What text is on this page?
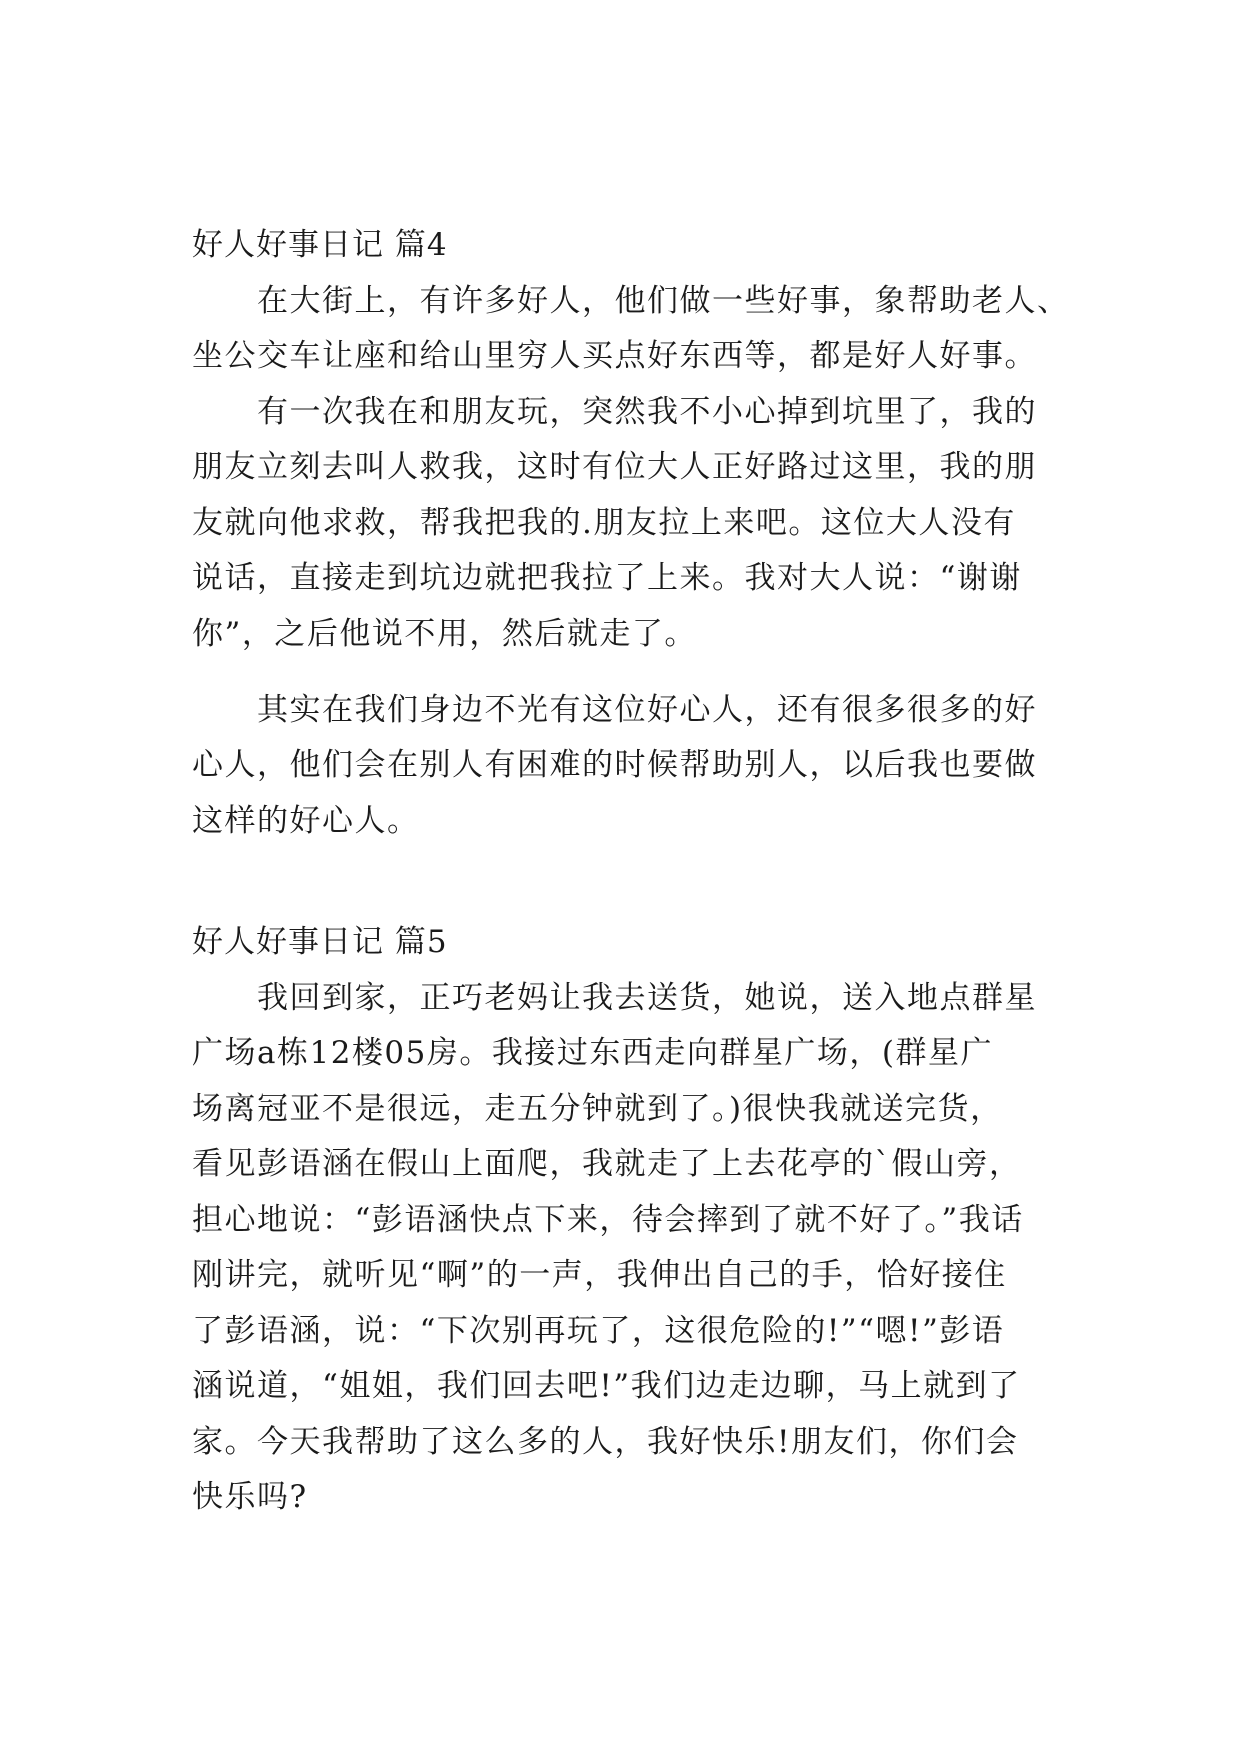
好人好事日记 篇4
在大街上，有许多好人，他们做一些好事，象帮助老人、
坐公交车让座和给山里穷人买点好东西等，都是好人好事。
有一次我在和朋友玩，突然我不小心掉到坑里了，我的
朋友立刻去叫人救我，这时有位大人正好路过这里，我的朋
友就向他求救，帮我把我的.朋友拉上来吧。这位大人没有
说话，直接走到坑边就把我拉了上来。我对大人说：“谢谢
你”，之后他说不用，然后就走了。
其实在我们身边不光有这位好心人，还有很多很多的好
心人，他们会在别人有困难的时候帮助别人，以后我也要做
这样的好心人。
好人好事日记 篇5
我回到家，正巧老妈让我去送货，她说，送入地点群星
广场a栋12楼05房。我接过东西走向群星广场，(群星广
场离冠亚不是很远，走五分钟就到了。)很快我就送完货，
看见彭语涵在假山上面爬，我就走了上去花亭的`假山旁，
担心地说：“彭语涵快点下来，待会摔到了就不好了。”我话
刚讲完，就听见“啊”的一声，我伸出自己的手，恰好接住
了彭语涵，说：“下次别再玩了，这很危险的!”“嗯!”彭语
涵说道，“姐姐，我们回去吧!”我们边走边聊，马上就到了
家。今天我帮助了这么多的人，我好快乐!朋友们，你们会
快乐吗?
